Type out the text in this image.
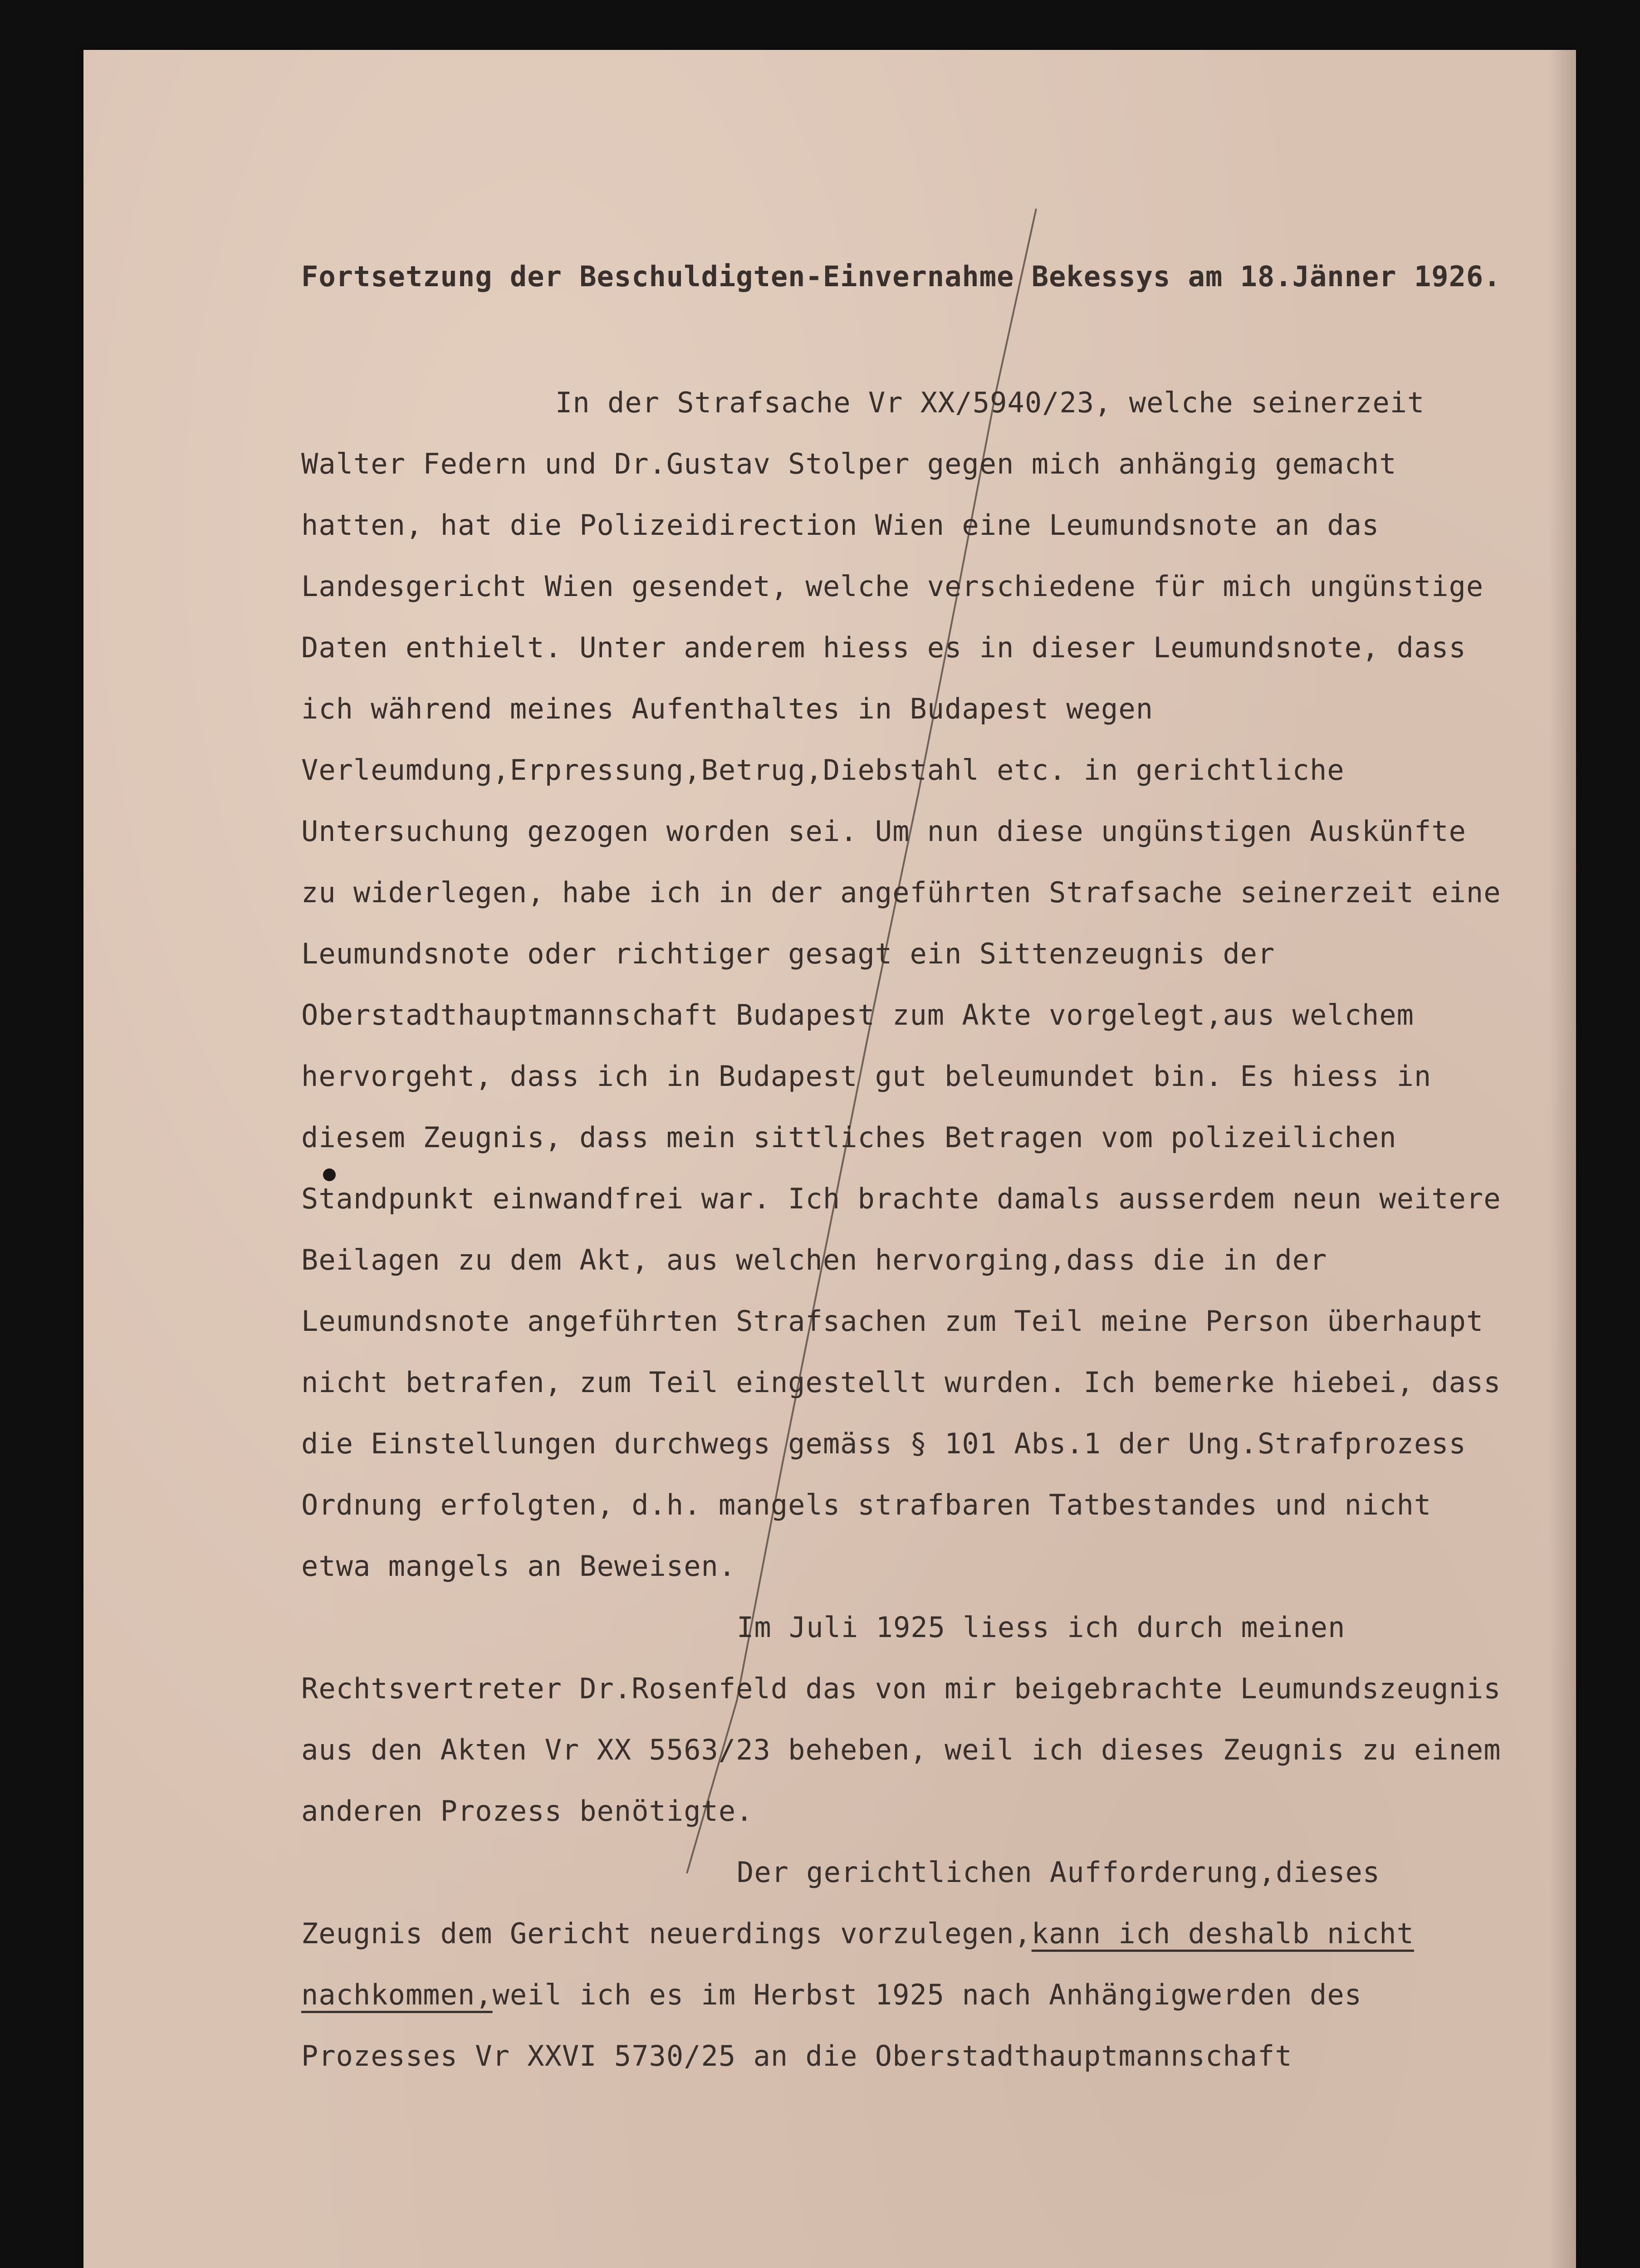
Fortsetzung der Beschuldigten-Einvernahme Bekessys am 18.Jänner 1926.

In der Strafsache Vr XX/5940/23, welche seinerzeit Walter Federn und Dr.Gustav Stolper gegen mich anhängig gemacht hatten, hat die Polizeidirection Wien eine Leumundsnote an das Landesgericht Wien gesendet, welche verschiedene für mich ungünstige Daten enthielt. Unter anderem hiess es in dieser Leumundsnote, dass ich während meines Aufenthaltes in Budapest wegen Verleumdung,Erpressung,Betrug,Diebstahl etc. in gerichtliche Untersuchung gezogen worden sei. Um nun diese ungünstigen Auskünfte zu widerlegen, habe ich in der angeführten Strafsache seinerzeit eine Leumundsnote oder richtiger gesagt ein Sittenzeugnis der Oberstadthauptmannschaft Budapest zum Akte vorgelegt,aus welchem hervorgeht, dass ich in Budapest gut beleumundet bin. Es hiess in diesem Zeugnis, dass mein sittliches Betragen vom polizeilichen Standpunkt einwandfrei war. Ich brachte damals ausserdem neun weitere Beilagen zu dem Akt, aus welchen hervorging,dass die in der Leumundsnote angeführten Strafsachen zum Teil meine Person überhaupt nicht betrafen, zum Teil eingestellt wurden. Ich bemerke hiebei, dass die Einstellungen durchwegs gemäss § 101 Abs.1 der Ung.Strafprozess Ordnung erfolgten, d.h. mangels strafbaren Tatbestandes und nicht etwa mangels an Beweisen.

Im Juli 1925 liess ich durch meinen Rechtsvertreter Dr.Rosenfeld das von mir beigebrachte Leumundszeugnis aus den Akten Vr XX 5563/23 beheben, weil ich dieses Zeugnis zu einem anderen Prozess benötigte.

Der gerichtlichen Aufforderung,dieses Zeugnis dem Gericht neuerdings vorzulegen,kann ich deshalb nicht nachkommen,weil ich es im Herbst 1925 nach Anhängigwerden des Prozesses Vr XXVI 5730/25 an die Oberstadthauptmannschaft
